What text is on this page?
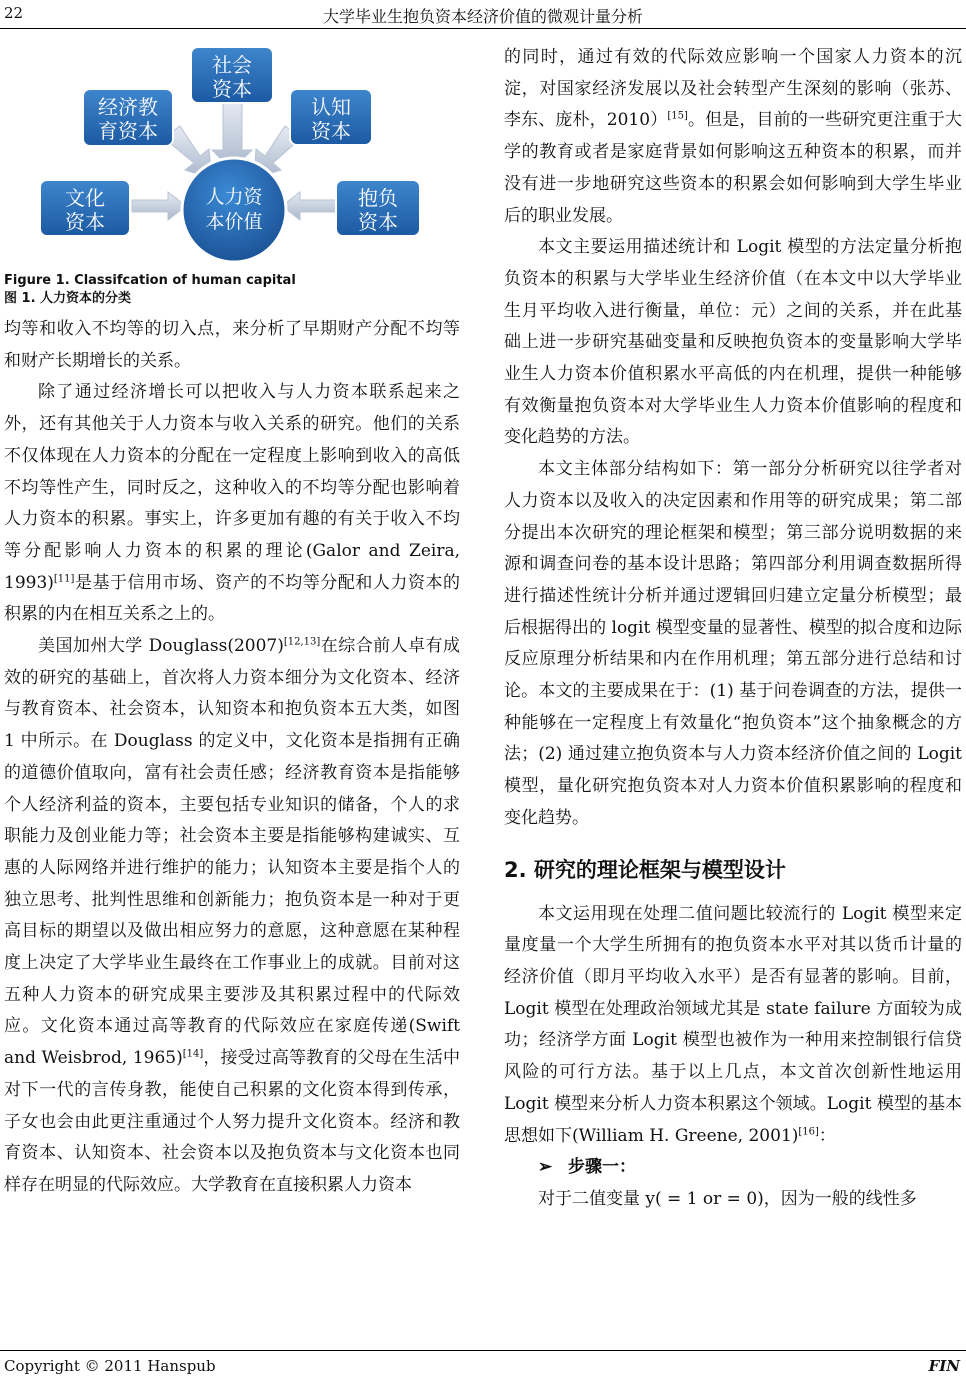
22	大学毕业生抱负资本经济价值的微观计量分析
人力资
本价值
社会
资本
经济教
育资本
认知
资本
文化
资本
抱负
资本

Figure 1. Classifcation of human capital

图 1. 人力资本的分类

均等和收入不均等的切入点，来分析了早期财产分配不均等和财产长期增长的关系。

除了通过经济增长可以把收入与人力资本联系起来之外，还有其他关于人力资本与收入关系的研究。他们的关系不仅体现在人力资本的分配在一定程度上影响到收入的高低不均等性产生，同时反之，这种收入的不均等分配也影响着人力资本的积累。事实上，许多更加有趣的有关于收入不均等分配影响人力资本的积累的理论(Galor and Zeira, 1993)[11]是基于信用市场、资产的不均等分配和人力资本的积累的内在相互关系之上的。

美国加州大学 Douglass(2007)[12,13]在综合前人卓有成效的研究的基础上，首次将人力资本细分为文化资本、经济与教育资本、社会资本，认知资本和抱负资本五大类，如图 1 中所示。在 Douglass 的定义中，文化资本是指拥有正确的道德价值取向，富有社会责任感；经济教育资本是指能够个人经济利益的资本，主要包括专业知识的储备，个人的求职能力及创业能力等；社会资本主要是指能够构建诚实、互惠的人际网络并进行维护的能力；认知资本主要是指个人的独立思考、批判性思维和创新能力；抱负资本是一种对于更高目标的期望以及做出相应努力的意愿，这种意愿在某种程度上决定了大学毕业生最终在工作事业上的成就。目前对这五种人力资本的研究成果主要涉及其积累过程中的代际效应。文化资本通过高等教育的代际效应在家庭传递(Swift and Weisbrod, 1965)[14]，接受过高等教育的父母在生活中对下一代的言传身教，能使自己积累的文化资本得到传承，子女也会由此更注重通过个人努力提升文化资本。经济和教育资本、认知资本、社会资本以及抱负资本与文化资本也同样存在明显的代际效应。大学教育在直接积累人力资本

的同时，通过有效的代际效应影响一个国家人力资本的沉淀，对国家经济发展以及社会转型产生深刻的影响（张苏、李东、庞朴，2010）[15]。但是，目前的一些研究更注重于大学的教育或者是家庭背景如何影响这五种资本的积累，而并没有进一步地研究这些资本的积累会如何影响到大学生毕业后的职业发展。

本文主要运用描述统计和 Logit 模型的方法定量分析抱负资本的积累与大学毕业生经济价值（在本文中以大学毕业生月平均收入进行衡量，单位：元）之间的关系，并在此基础上进一步研究基础变量和反映抱负资本的变量影响大学毕业生人力资本价值积累水平高低的内在机理，提供一种能够有效衡量抱负资本对大学毕业生人力资本价值影响的程度和变化趋势的方法。

本文主体部分结构如下：第一部分分析研究以往学者对人力资本以及收入的决定因素和作用等的研究成果；第二部分提出本次研究的理论框架和模型；第三部分说明数据的来源和调查问卷的基本设计思路；第四部分利用调查数据所得进行描述性统计分析并通过逻辑回归建立定量分析模型；最后根据得出的 logit 模型变量的显著性、模型的拟合度和边际反应原理分析结果和内在作用机理；第五部分进行总结和讨论。本文的主要成果在于：(1) 基于问卷调查的方法，提供一种能够在一定程度上有效量化“抱负资本”这个抽象概念的方法；(2) 通过建立抱负资本与人力资本经济价值之间的 Logit 模型，量化研究抱负资本对人力资本价值积累影响的程度和变化趋势。

2. 研究的理论框架与模型设计

本文运用现在处理二值问题比较流行的 Logit 模型来定量度量一个大学生所拥有的抱负资本水平对其以货币计量的经济价值（即月平均收入水平）是否有显著的影响。目前，Logit 模型在处理政治领域尤其是 state failure 方面较为成功；经济学方面 Logit 模型也被作为一种用来控制银行信贷风险的可行方法。基于以上几点，本文首次创新性地运用 Logit 模型来分析人力资本积累这个领域。Logit 模型的基本思想如下(William H. Greene, 2001)[16]：

➢ 步骤一：

对于二值变量 y( = 1 or = 0)，因为一般的线性多

Copyright © 2011 Hanspub	FIN
